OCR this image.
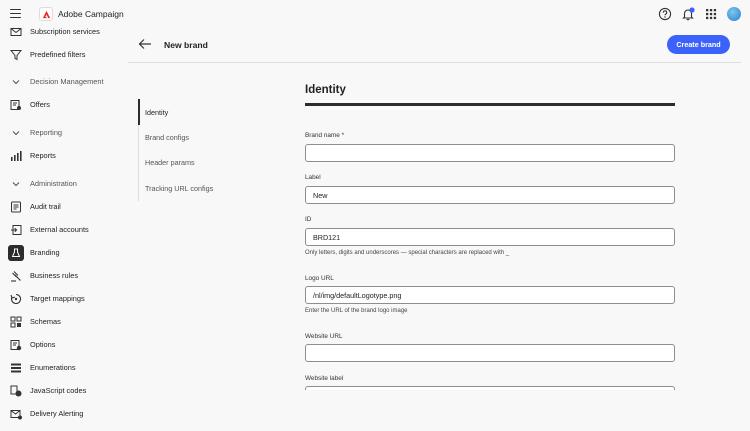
Adobe Campaign
Subscription services
Predefined filters
Decision Management
Offers
Reporting
Reports
Administration
Audit trail
External accounts
Branding
Business rules
Target mappings
Schemas
Options
Enumerations
JavaScript codes
Delivery Alerting
New brand	Create brand
Identity
Brand configs
Header params
Tracking URL configs
Identity
Brand name *
Label
New
ID
BRD121
Only letters, digits and underscores — special characters are replaced with _
Logo URL
/nl/img/defaultLogotype.png
Enter the URL of the brand logo image
Website URL
Website label
